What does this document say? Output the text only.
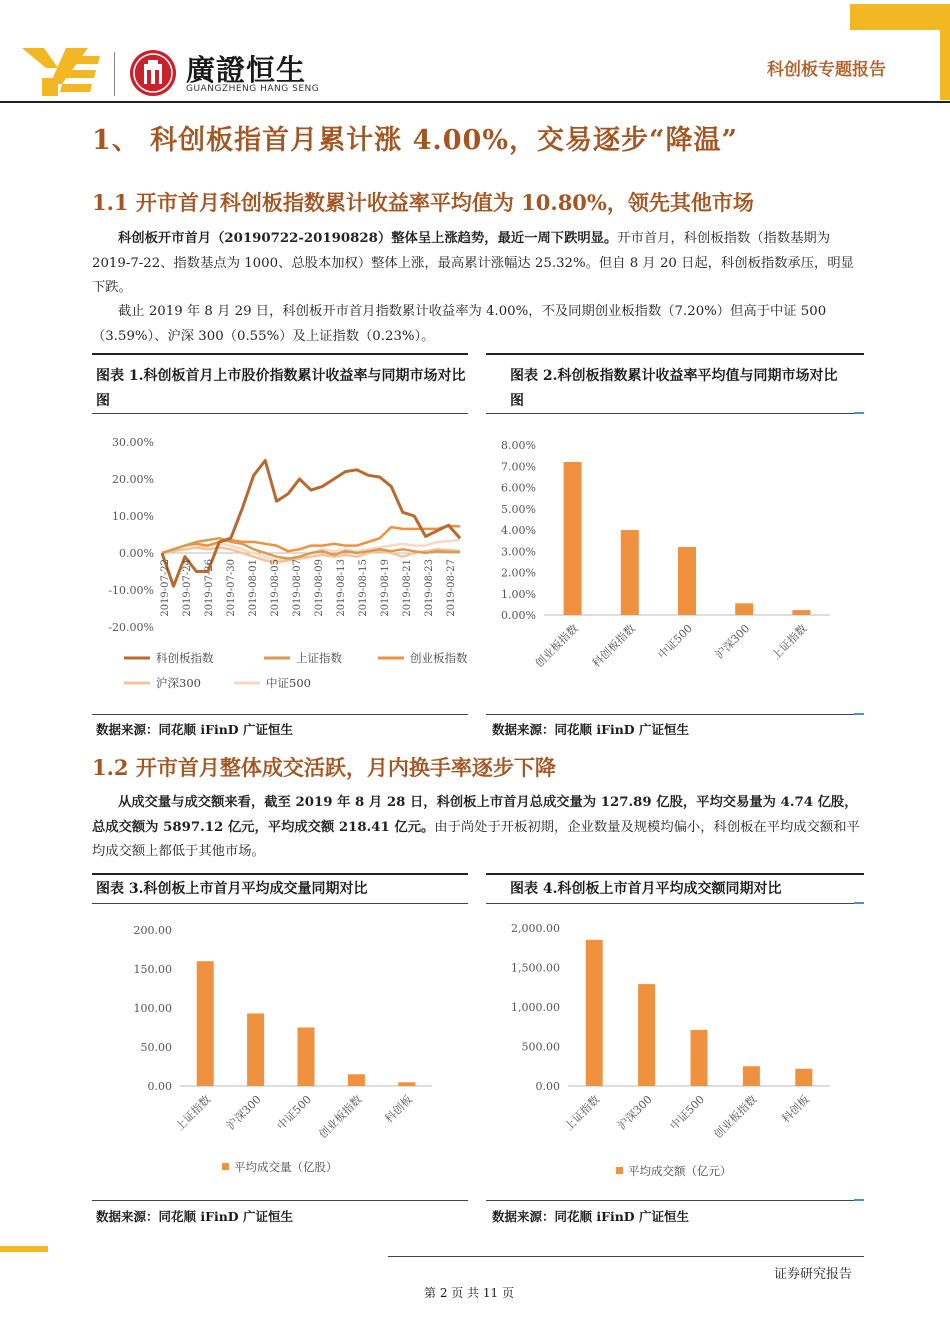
廣證恒生
GUANGZHENG HANG SENG
科创板专题报告
1、 科创板指首月累计涨 4.00%，交易逐步“降温”
1.1 开市首月科创板指数累计收益率平均值为 10.80%，领先其他市场
科创板开市首月（20190722-20190828）整体呈上涨趋势，最近一周下跌明显。开市首月，科创板指数（指数基期为 2019-7-22、指数基点为 1000、总股本加权）整体上涨，最高累计涨幅达 25.32%。但自 8 月 20 日起，科创板指数承压，明显下跌。
截止 2019 年 8 月 29 日，科创板开市首月指数累计收益率为 4.00%，不及同期创业板指数（7.20%）但高于中证 500（3.59%）、沪深 300（0.55%）及上证指数（0.23%）。
图表 1.科创板首月上市股价指数累计收益率与同期市场对比图
图表 2.科创板指数累计收益率平均值与同期市场对比图
30.00%
20.00%
10.00%
0.00%
-10.00%
-20.00%
2019-07-22 2019-07-24 2019-07-26 2019-07-30 2019-08-01 2019-08-05 2019-08-07 2019-08-09 2019-08-13 2019-08-15 2019-08-19 2019-08-21 2019-08-23 2019-08-27
科创板指数	上证指数	创业板指数
沪深300	中证500
8.00%
7.00%
6.00%
5.00%
4.00%
3.00%
2.00%
1.00%
0.00%
创业板指数 科创板指数 中证500 沪深300 上证指数
数据来源：同花顺 iFinD 广证恒生	数据来源：同花顺 iFinD 广证恒生
1.2 开市首月整体成交活跃，月内换手率逐步下降
从成交量与成交额来看，截至 2019 年 8 月 28 日，科创板上市首月总成交量为 127.89 亿股，平均交易量为 4.74 亿股，总成交额为 5897.12 亿元，平均成交额 218.41 亿元。由于尚处于开板初期，企业数量及规模均偏小，科创板在平均成交额和平均成交额上都低于其他市场。
图表 3.科创板上市首月平均成交量同期对比	图表 4.科创板上市首月平均成交额同期对比
200.00
150.00
100.00
50.00
0.00
上证指数 沪深300 中证500 创业板指数 科创板
平均成交量（亿股）
2,000.00
1,500.00
1,000.00
500.00
0.00
上证指数 沪深300 中证500 创业板指数 科创板
平均成交额（亿元）
数据来源：同花顺 iFinD 广证恒生	数据来源：同花顺 iFinD 广证恒生
证券研究报告
第 2 页 共 11 页
